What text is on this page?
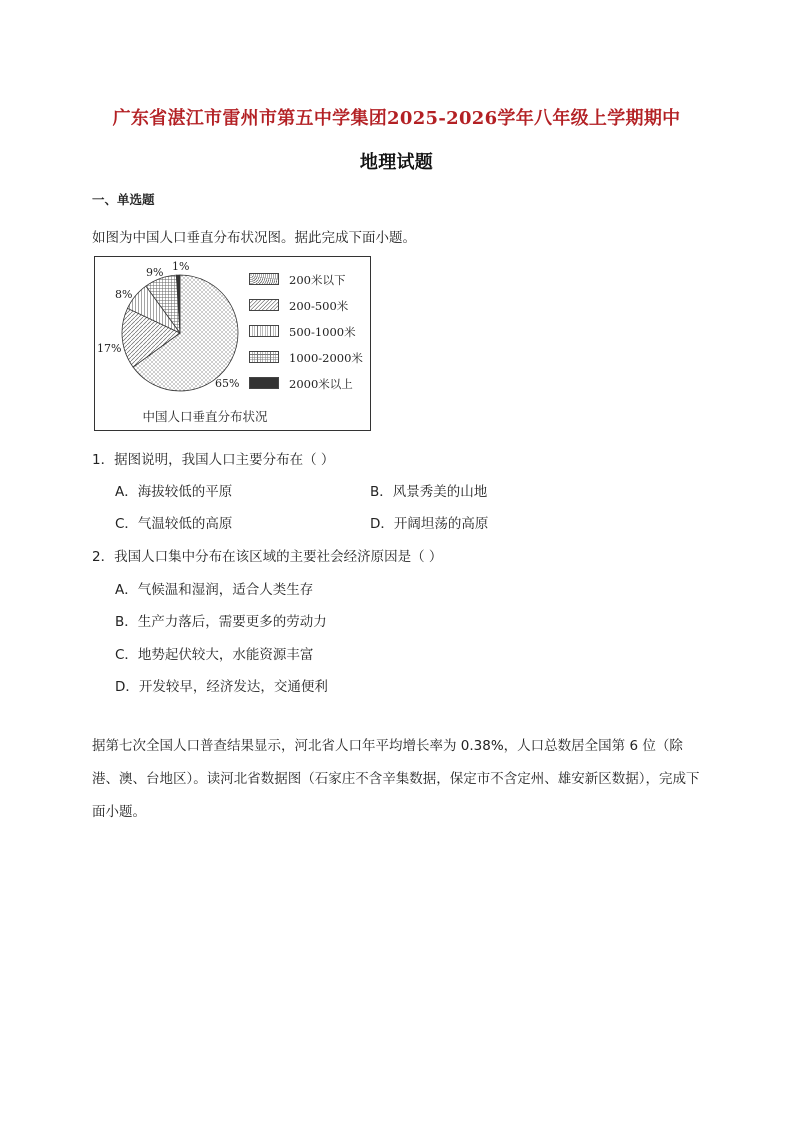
广东省湛江市雷州市第五中学集团2025-2026学年八年级上学期期中
地理试题
一、单选题
如图为中国人口垂直分布状况图。据此完成下面小题。
65%
17%
8%
9% 1%
200米以下
200-500米
500-1000米
1000-2000米
2000米以上
中国人口垂直分布状况
1．据图说明，我国人口主要分布在（ ）
A．海拔较低的平原	B．风景秀美的山地
C．气温较低的高原	D．开阔坦荡的高原
2．我国人口集中分布在该区域的主要社会经济原因是（ ）
A．气候温和湿润，适合人类生存
B．生产力落后，需要更多的劳动力
C．地势起伏较大，水能资源丰富
D．开发较早，经济发达，交通便利
据第七次全国人口普查结果显示，河北省人口年平均增长率为 0.38%，人口总数居全国第 6 位（除港、澳、台地区）。读河北省数据图（石家庄不含辛集数据，保定市不含定州、雄安新区数据），完成下面小题。
